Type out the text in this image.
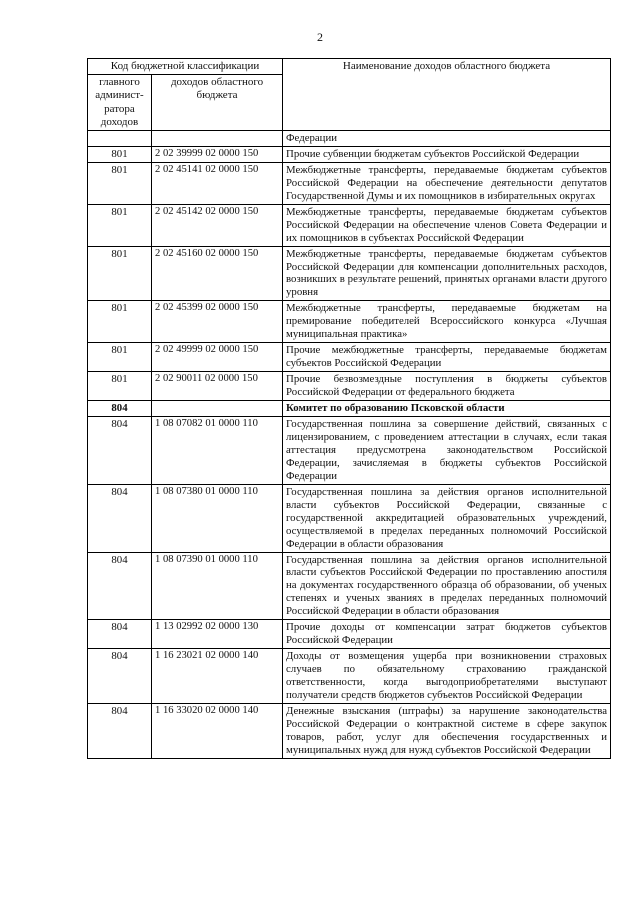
2
Код бюджетной классификации		Наименование доходов областного бюджета
главного админист- ратора доходов	доходов областного бюджета	
		Федерации
801	2 02 39999 02 0000 150	Прочие субвенции бюджетам субъектов Российской Федерации
801	2 02 45141 02 0000 150	Межбюджетные трансферты, передаваемые бюджетам субъектов Российской Федерации на обеспечение деятельности депутатов Государственной Думы и их помощников в избирательных округах
801	2 02 45142 02 0000 150	Межбюджетные трансферты, передаваемые бюджетам субъектов Российской Федерации на обеспечение членов Совета Федерации и их помощников в субъектах Российской Федерации
801	2 02 45160 02 0000 150	Межбюджетные трансферты, передаваемые бюджетам субъектов Российской Федерации для компенсации дополнительных расходов, возникших в результате решений, принятых органами власти другого уровня
801	2 02 45399 02 0000 150	Межбюджетные трансферты, передаваемые бюджетам на премирование победителей Всероссийского конкурса «Лучшая муниципальная практика»
801	2 02 49999 02 0000 150	Прочие межбюджетные трансферты, передаваемые бюджетам субъектов Российской Федерации
801	2 02 90011 02 0000 150	Прочие безвозмездные поступления в бюджеты субъектов Российской Федерации от федерального бюджета
804		Комитет по образованию Псковской области
804	1 08 07082 01 0000 110	Государственная пошлина за совершение действий, связанных с лицензированием, с проведением аттестации в случаях, если такая аттестация предусмотрена законодательством Российской Федерации, зачисляемая в бюджеты субъектов Российской Федерации
804	1 08 07380 01 0000 110	Государственная пошлина за действия органов исполнительной власти субъектов Российской Федерации, связанные с государственной аккредитацией образовательных учреждений, осуществляемой в пределах переданных полномочий Российской Федерации в области образования
804	1 08 07390 01 0000 110	Государственная пошлина за действия органов исполнительной власти субъектов Российской Федерации по проставлению апостиля на документах государственного образца об образовании, об ученых степенях и ученых званиях в пределах переданных полномочий Российской Федерации в области образования
804	1 13 02992 02 0000 130	Прочие доходы от компенсации затрат бюджетов субъектов Российской Федерации
804	1 16 23021 02 0000 140	Доходы от возмещения ущерба при возникновении страховых случаев по обязательному страхованию гражданской ответственности, когда выгодоприобретателями выступают получатели средств бюджетов субъектов Российской Федерации
804	1 16 33020 02 0000 140	Денежные взыскания (штрафы) за нарушение законодательства Российской Федерации о контрактной системе в сфере закупок товаров, работ, услуг для обеспечения государственных и муниципальных нужд для нужд субъектов Российской Федерации
